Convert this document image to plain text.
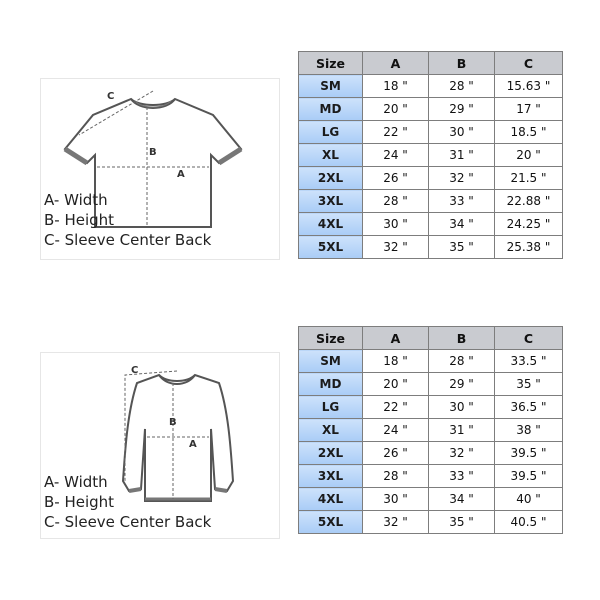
C
B
A
A- Width
B- Height
C- Sleeve Center Back
Size	A	B	C
SM	18 "	28 "	15.63 "
MD	20 "	29 "	17 "
LG	22 "	30 "	18.5 "
XL	24 "	31 "	20 "
2XL	26 "	32 "	21.5 "
3XL	28 "	33 "	22.88 "
4XL	30 "	34 "	24.25 "
5XL	32 "	35 "	25.38 "
C
B
A
A- Width
B- Height
C- Sleeve Center Back
Size	A	B	C
SM	18 "	28 "	33.5 "
MD	20 "	29 "	35 "
LG	22 "	30 "	36.5 "
XL	24 "	31 "	38 "
2XL	26 "	32 "	39.5 "
3XL	28 "	33 "	39.5 "
4XL	30 "	34 "	40 "
5XL	32 "	35 "	40.5 "
